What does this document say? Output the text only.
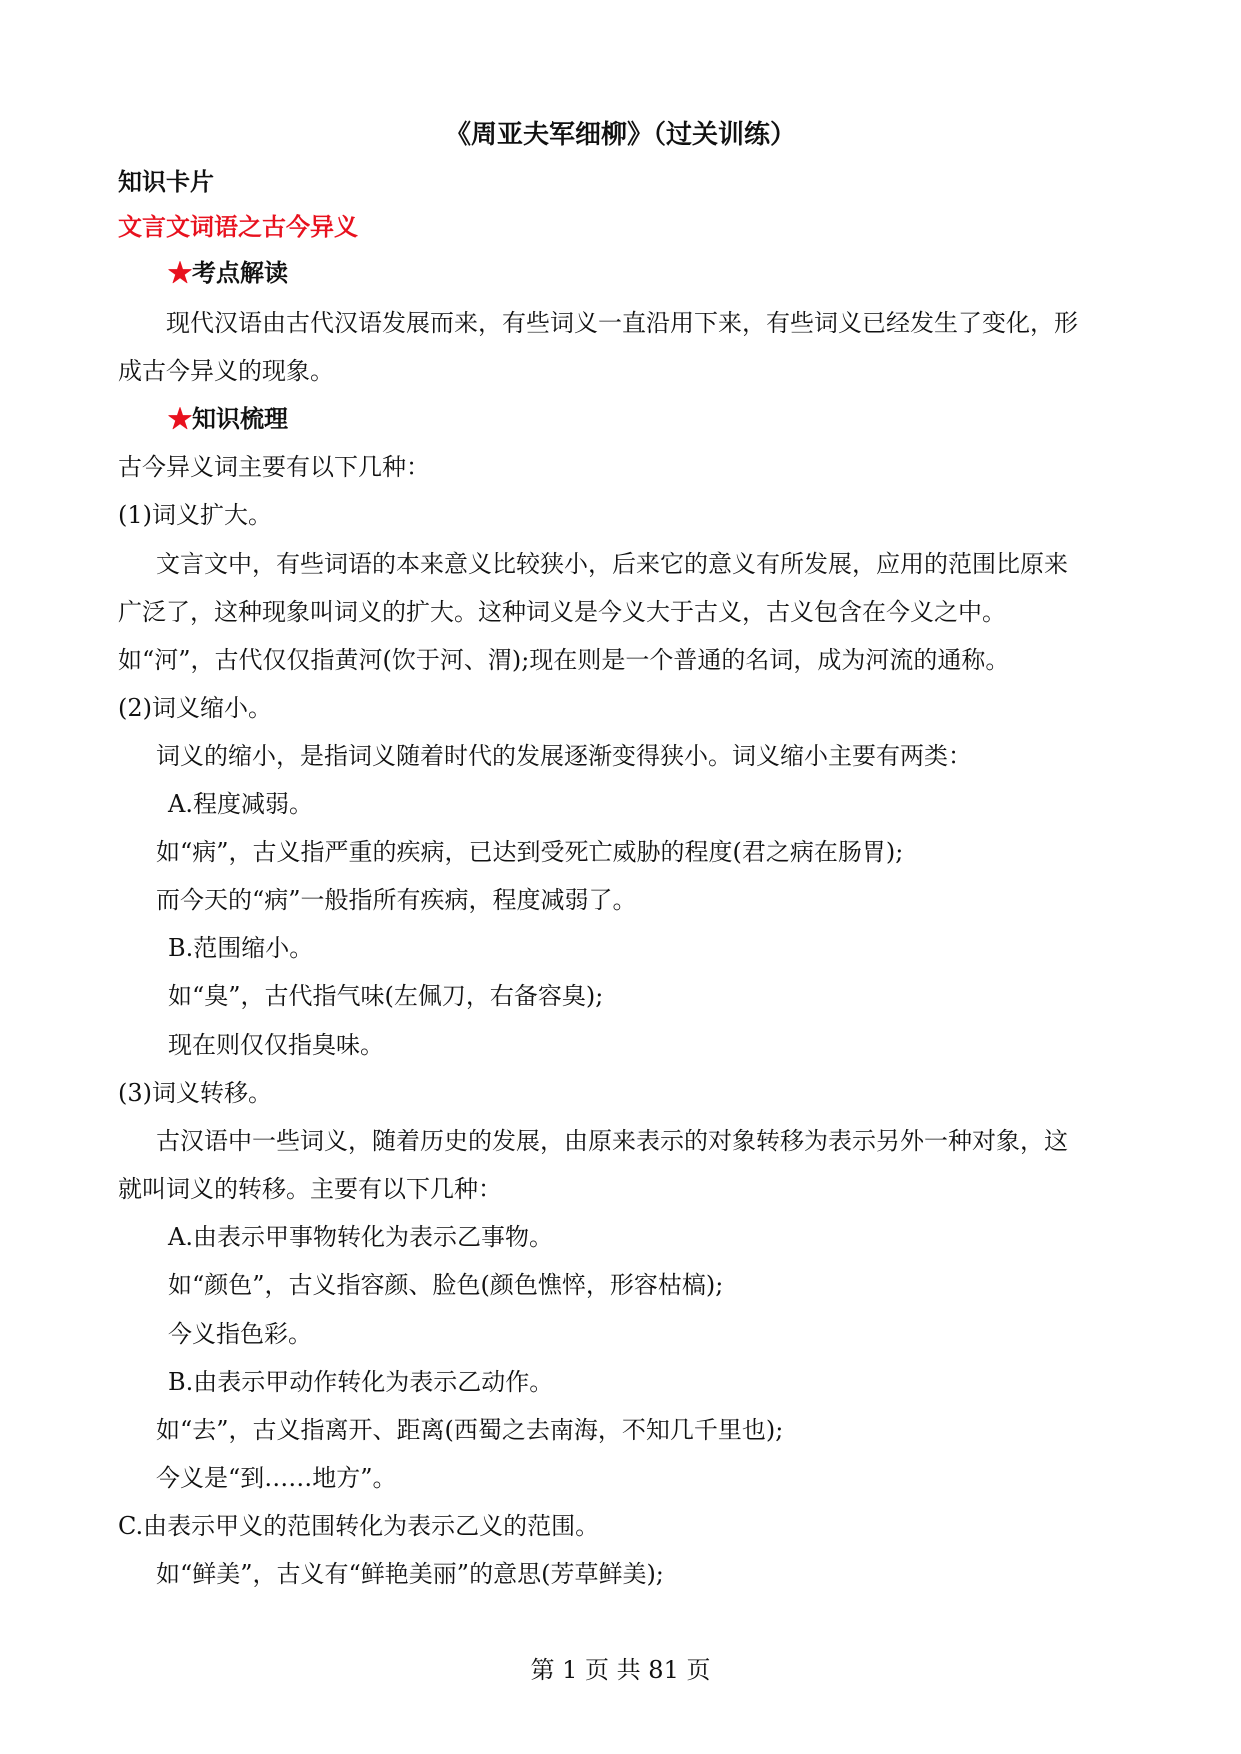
《周亚夫军细柳》（过关训练）
知识卡片
文言文词语之古今异义
★考点解读
现代汉语由古代汉语发展而来，有些词义一直沿用下来，有些词义已经发生了变化，形
成古今异义的现象。
★知识梳理
古今异义词主要有以下几种：
(1)词义扩大。
文言文中，有些词语的本来意义比较狭小，后来它的意义有所发展，应用的范围比原来
广泛了，这种现象叫词义的扩大。这种词义是今义大于古义，古义包含在今义之中。
如“河”，古代仅仅指黄河(饮于河、渭);现在则是一个普通的名词，成为河流的通称。
(2)词义缩小。
词义的缩小，是指词义随着时代的发展逐渐变得狭小。词义缩小主要有两类：
A.程度减弱。
如“病”，古义指严重的疾病，已达到受死亡威胁的程度(君之病在肠胃);
而今天的“病”一般指所有疾病，程度减弱了。
B.范围缩小。
如“臭”，古代指气味(左佩刀，右备容臭);
现在则仅仅指臭味。
(3)词义转移。
古汉语中一些词义，随着历史的发展，由原来表示的对象转移为表示另外一种对象，这
就叫词义的转移。主要有以下几种：
A.由表示甲事物转化为表示乙事物。
如“颜色”，古义指容颜、脸色(颜色憔悴，形容枯槁);
今义指色彩。
B.由表示甲动作转化为表示乙动作。
如“去”，古义指离开、距离(西蜀之去南海，不知几千里也);
今义是“到……地方”。
C.由表示甲义的范围转化为表示乙义的范围。
如“鲜美”，古义有“鲜艳美丽”的意思(芳草鲜美);
第 1 页 共 81 页
